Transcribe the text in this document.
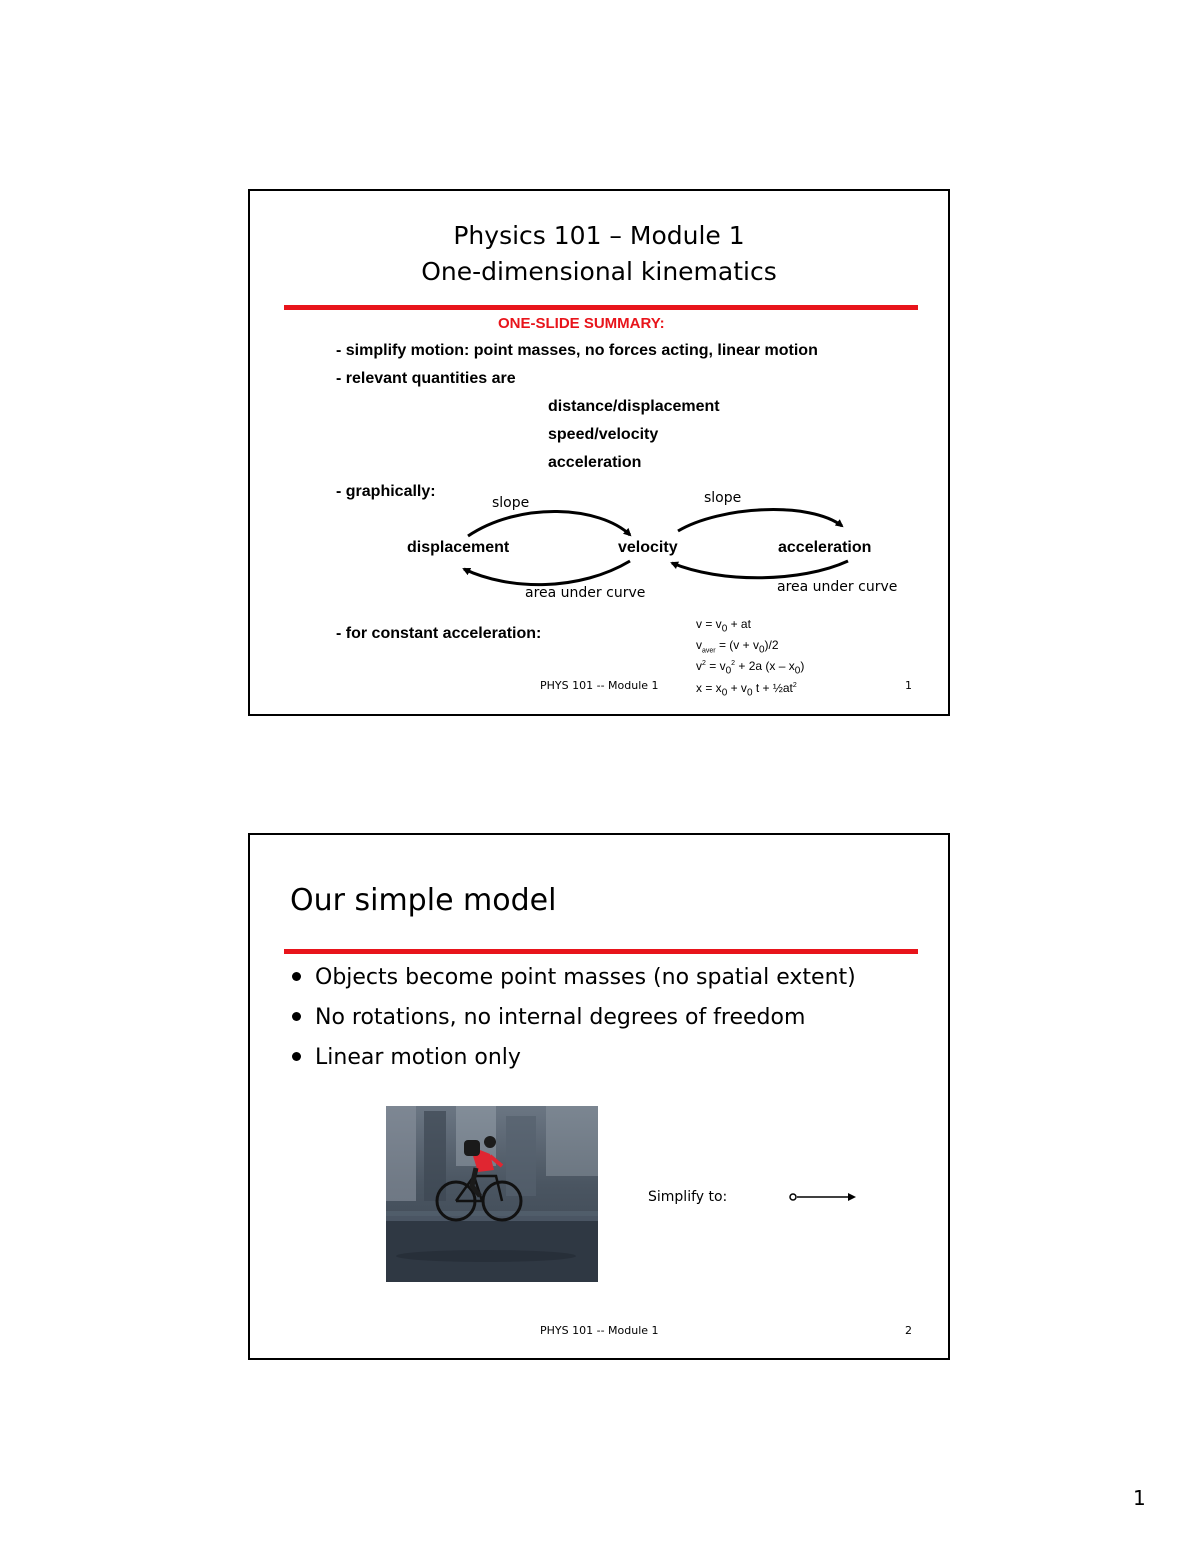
Physics 101 – Module 1
One-dimensional kinematics
ONE-SLIDE SUMMARY:
- simplify motion: point masses, no forces acting, linear motion
- relevant quantities are
distance/displacement
speed/velocity
acceleration
- graphically:
slope	slope
displacement	velocity	acceleration
area under curve	area under curve
- for constant acceleration:
$v = v_0$ + at
$v_{aver} = (v + v_0)/2$
$v^2 = v_0^2 + 2a$ $(x - x_0)$
$x = x_0 + v_0$ $t + \frac{1}{2}at^2$
PHYS 101 -- Module 1	1
Our simple model
Objects become point masses (no spatial extent)
No rotations, no internal degrees of freedom
Linear motion only
Simplify to:
PHYS 101 -- Module 1	2
1
